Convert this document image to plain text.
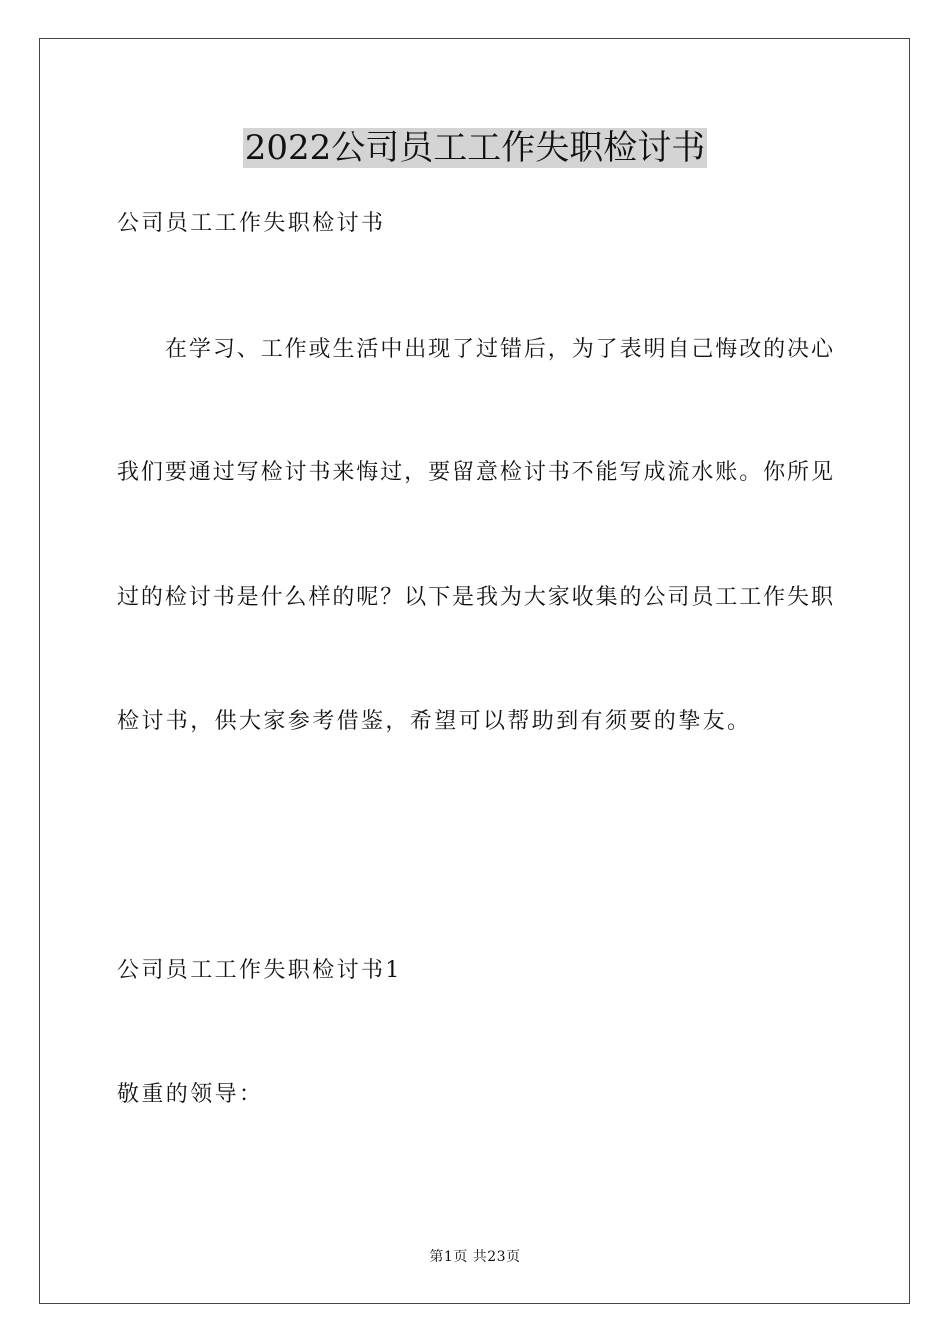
2022公司员工工作失职检讨书
公司员工工作失职检讨书
在学习、工作或生活中出现了过错后，为了表明自己悔改的决心
我们要通过写检讨书来悔过，要留意检讨书不能写成流水账。你所见
过的检讨书是什么样的呢？以下是我为大家收集的公司员工工作失职
检讨书，供大家参考借鉴，希望可以帮助到有须要的挚友。
公司员工工作失职检讨书1
敬重的领导：
第1页 共23页
